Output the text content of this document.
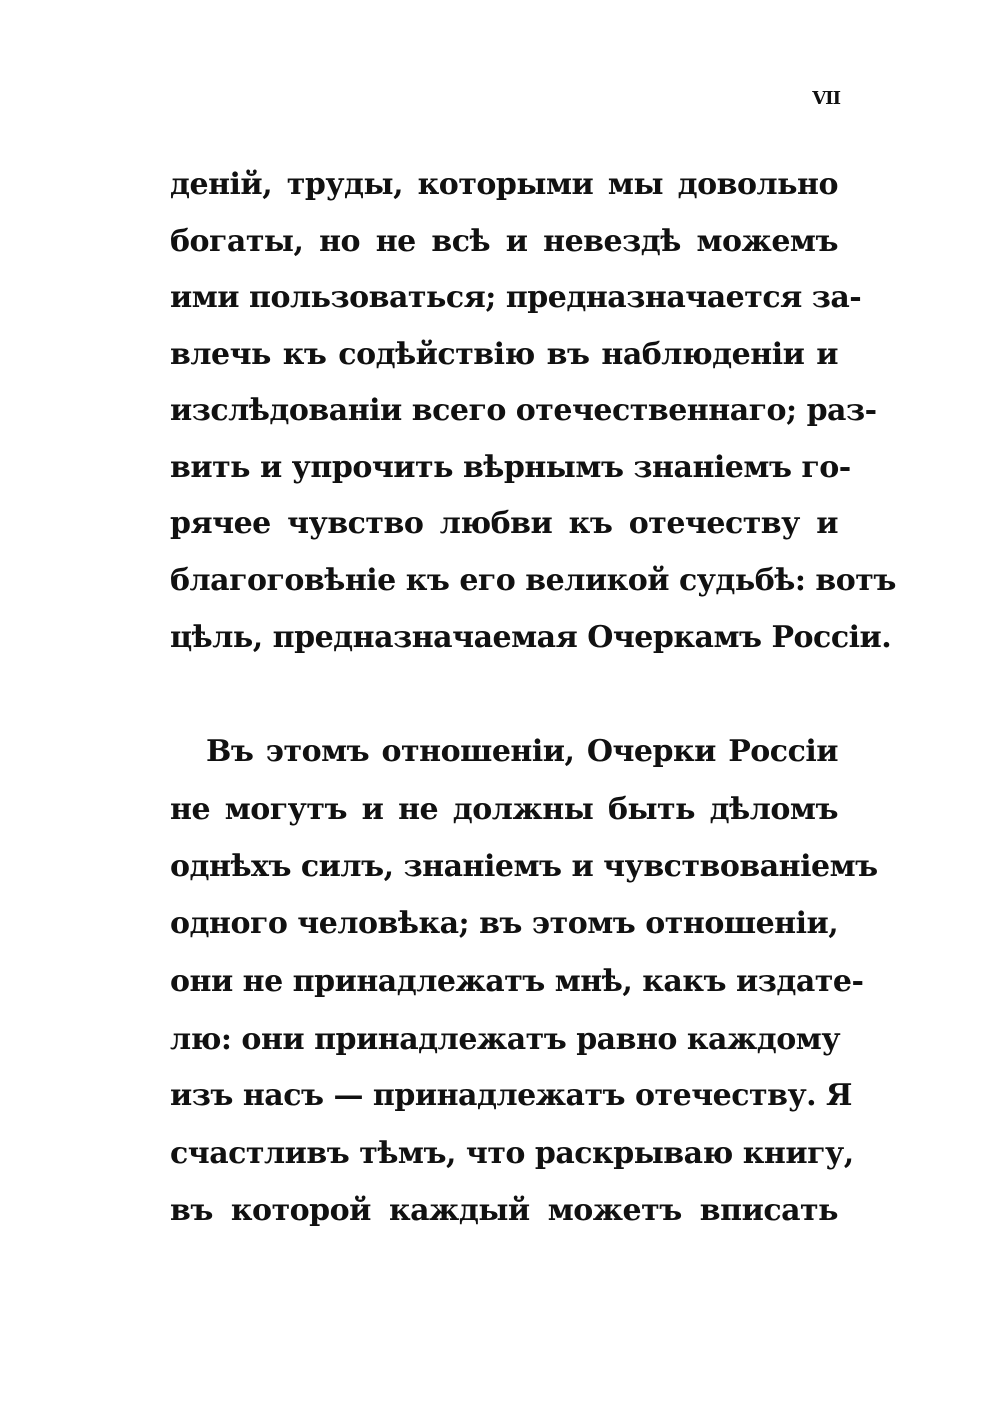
VII
деній, труды, которыми мы довольно
богаты, но не всѣ и невездѣ можемъ
ими пользоваться; предназначается за-
влечь къ содѣйствію въ наблюденіи и
изслѣдованіи всего отечественнаго; раз-
вить и упрочить вѣрнымъ знаніемъ го-
рячее чувство любви къ отечеству и
благоговѣніе къ его великой судьбѣ: вотъ
цѣль, предназначаемая Очеркамъ Россіи.
Въ этомъ отношеніи, Очерки Россіи
не могутъ и не должны быть дѣломъ
однѣхъ силъ, знаніемъ и чувствованіемъ
одного человѣка; въ этомъ отношеніи,
они не принадлежатъ мнѣ, какъ издате-
лю: они принадлежатъ равно каждому
изъ насъ — принадлежатъ отечеству. Я
счастливъ тѣмъ, что раскрываю книгу,
въ которой каждый можетъ вписать
